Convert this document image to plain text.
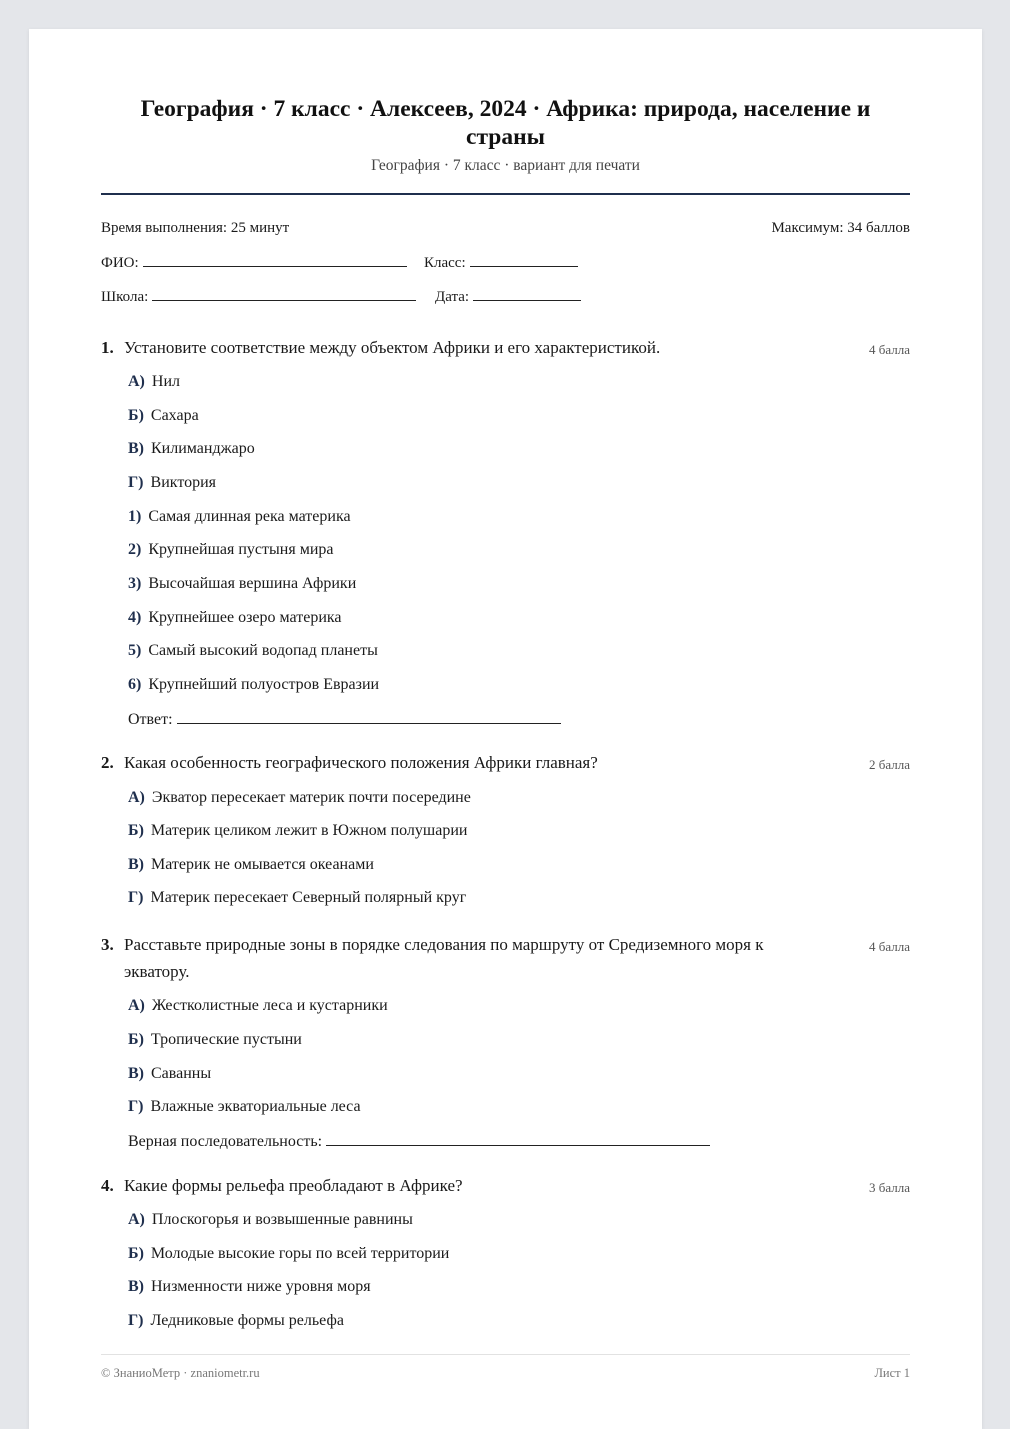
География · 7 класс · Алексеев, 2024 · Африка: природа, население и страны
География · 7 класс · вариант для печати
Время выполнения: 25 минут	Максимум: 34 баллов
ФИО:	Класс:
Школа:	Дата:
1. Установите соответствие между объектом Африки и его характеристикой.	4 балла
А) Нил
Б) Сахара
В) Килиманджаро
Г) Виктория
1) Самая длинная река материка
2) Крупнейшая пустыня мира
3) Высочайшая вершина Африки
4) Крупнейшее озеро материка
5) Самый высокий водопад планеты
6) Крупнейший полуостров Евразии
Ответ:
2. Какая особенность географического положения Африки главная?	2 балла
А) Экватор пересекает материк почти посередине
Б) Материк целиком лежит в Южном полушарии
В) Материк не омывается океанами
Г) Материк пересекает Северный полярный круг
3. Расставьте природные зоны в порядке следования по маршруту от Средиземного моря к экватору.
4 балла
А) Жестколистные леса и кустарники
Б) Тропические пустыни
В) Саванны
Г) Влажные экваториальные леса
Верная последовательность:
4. Какие формы рельефа преобладают в Африке?	3 балла
А) Плоскогорья и возвышенные равнины
Б) Молодые высокие горы по всей территории
В) Низменности ниже уровня моря
Г) Ледниковые формы рельефа
© ЗнаниоМетр · znaniometr.ru	Лист 1
